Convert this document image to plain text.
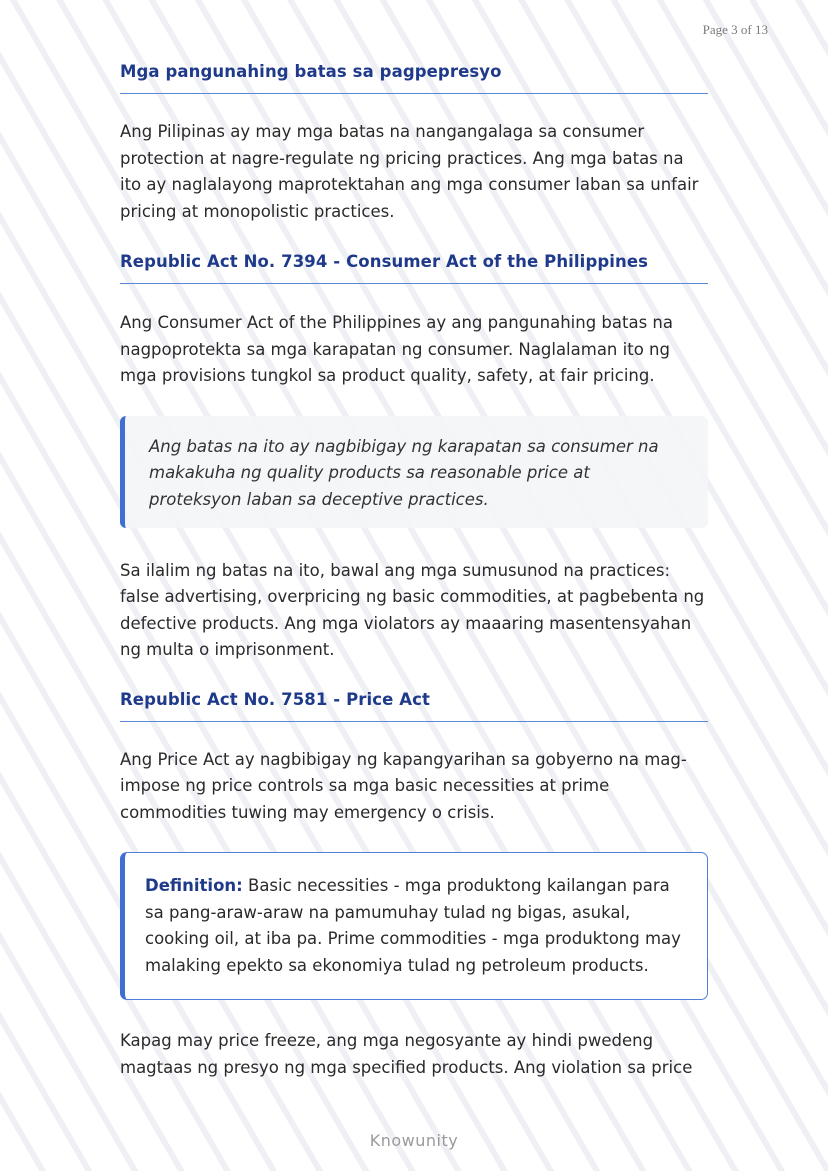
Page 3 of 13
Mga pangunahing batas sa pagpepresyo

Ang Pilipinas ay may mga batas na nangangalaga sa consumer protection at nagre-regulate ng pricing practices. Ang mga batas na ito ay naglalayong maprotektahan ang mga consumer laban sa unfair pricing at monopolistic practices.

Republic Act No. 7394 - Consumer Act of the Philippines

Ang Consumer Act of the Philippines ay ang pangunahing batas na nagpoprotekta sa mga karapatan ng consumer. Naglalaman ito ng mga provisions tungkol sa product quality, safety, at fair pricing.

Ang batas na ito ay nagbibigay ng karapatan sa consumer na makakuha ng quality products sa reasonable price at proteksyon laban sa deceptive practices.

Sa ilalim ng batas na ito, bawal ang mga sumusunod na practices: false advertising, overpricing ng basic commodities, at pagbebenta ng defective products. Ang mga violators ay maaaring masentensyahan ng multa o imprisonment.

Republic Act No. 7581 - Price Act

Ang Price Act ay nagbibigay ng kapangyarihan sa gobyerno na mag-impose ng price controls sa mga basic necessities at prime commodities tuwing may emergency o crisis.

Definition: Basic necessities - mga produktong kailangan para sa pang-araw-araw na pamumuhay tulad ng bigas, asukal, cooking oil, at iba pa. Prime commodities - mga produktong may malaking epekto sa ekonomiya tulad ng petroleum products.

Kapag may price freeze, ang mga negosyante ay hindi pwedeng magtaas ng presyo ng mga specified products. Ang violation sa price

Knowunity
